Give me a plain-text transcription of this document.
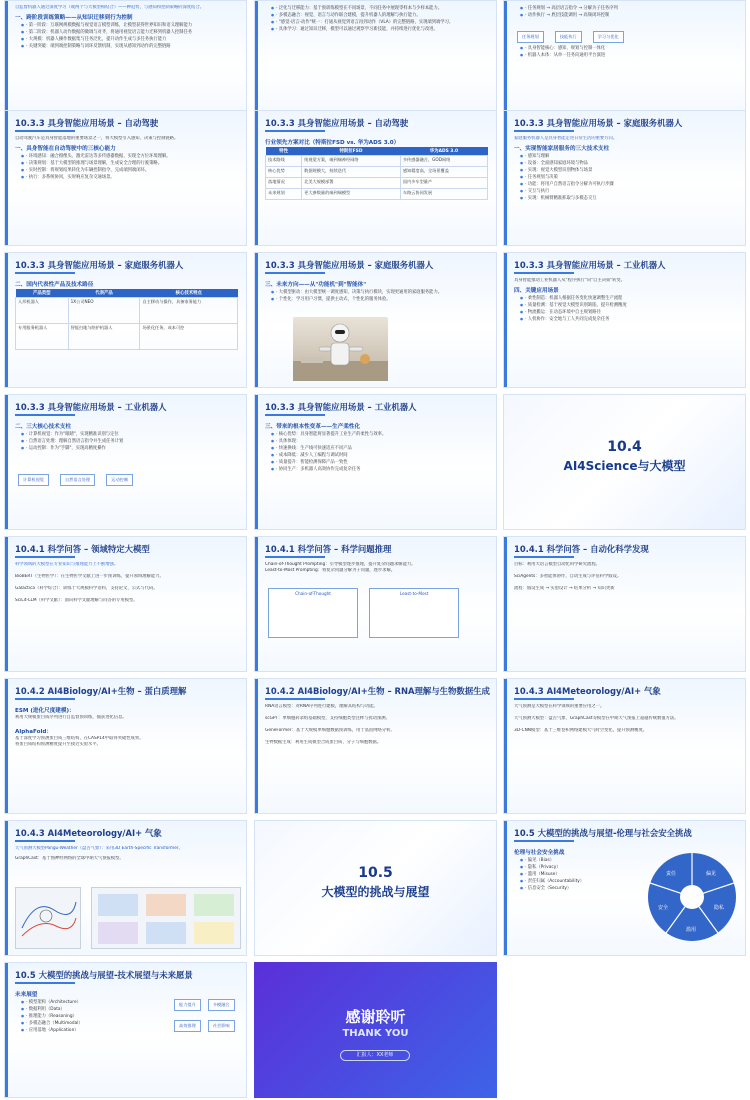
自监督机器人通过深度学习（或两个与大模型相结合）——种趋势，与感知和控制策略的深度结合。
一、跨阶段训练策略——从知识迁移到行为控制
● · 第一阶段：互联网规模数据与视觉语言模型训练，让模型获得世界知识和语义理解能力
● · 第二阶段：机器人动作数据的微调与对齐，将通用视觉语言能力迁移到机器人控制任务
● · 大规模：机器人操作数据集与任务泛化，提升动作生成与多任务执行能力
● · 关键突破：端到端控制策略与闭环反馈机制，实现从感知到动作的完整链路
● · 泛化与迁移能力：基于预训练模型在不同场景、不同任务中展现零样本与少样本能力。
● · 多模态融合：视觉、语言与动作联合建模，提升机器人的理解与执行能力。
● · "感觉-语言-动作"统一：打通从视觉到语言再到动作（VLA）的完整链路，实现端到端学习。
● · 具体学习：通过知识迁移，模型可以通过观察学习新技能，并持续进行优化与改进。
● · 任务规划 → 高层语言指令 → 分解为子任务序列
● · 动作执行 → 底层技能调用 → 高频闭环控制
任务规划	技能执行	学习与优化
● · 具身智能核心：感知、规划与控制一体化
● · 机器人本体：从单一任务向通用平台演进
10.3.3 具身智能应用场景 – 自动驾驶
自动驾驶汽车是具身智能落地的重要场景之一，将大模型引入感知、决策与控制链路。
一、具身智能在自动驾驶中的三核心能力
● · 环境感知：融合摄像头、激光雷达等多传感器数据，实现全方位环境理解。
● · 决策规划：基于大模型的推理与场景理解，生成安全合理的行驶策略。
● · 实时控制：将规划结果转化为车辆控制指令，完成端到端闭环。
● · 执行：多系统协同，实时响应复杂交通场景。
10.3.3 具身智能应用场景 – 自动驾驶
行业领先方案对比（特斯拉FSD vs. 华为ADS 3.0）
特性	特斯拉FSD	华为ADS 3.0
技术路线	纯视觉方案，端到端神经网络	多传感器融合，GOD网络
核心优势	数据规模大，持续迭代	感知精度高，全场景覆盖
落地情况	北美大规模部署	国内多车型量产
未来规划	更大参数量的端到端模型	车路云协同发展
10.3.3 具身智能应用场景 – 家庭服务机器人
家庭服务机器人是具身智能走进日常生活的重要方向。
一、实现智能家居服务的三大技术支柱
● · 感知与理解
● · 设备：全面感知家庭环境与物品
● · 实现：视觉大模型识别物体与场景
● · 任务规划与决策
● · 功能：将用户自然语言指令分解为可执行步骤
● · 交互与执行
● · 实现：机械臂精准抓取与多模态交互
10.3.3 具身智能应用场景 – 家庭服务机器人
二、国内代表性产品及技术路径
产品类型	代表产品	核心技术特点
人形机器人	1X公司NEO	自主移动与操作，具备家务能力
专用服务机器人	智能扫地与陪护机器人	场景化任务，成本可控
10.3.3 具身智能应用场景 – 家庭服务机器人
三、未来方向——从"功能机"到"智能体"
● · 大模型驱动：由大模型统一调度感知、决策与执行模块，实现更通用的家庭服务能力。
● · 个性化：学习用户习惯，提供主动式、个性化的服务体验。
10.3.3 具身智能应用场景 – 工业机器人
具身智能推动工业机器人从"程序执行"向"自主决策"转变。
四、关键应用场景
● · 柔性制造：机器人根据任务变化快速调整生产流程
● · 质量检测：基于视觉大模型识别缺陷，提升检测精度
● · 物流搬运：在动态环境中自主规划路径
● · 人机协作：安全地与工人共同完成复杂任务
10.3.3 具身智能应用场景 – 工业机器人
二、三大核心技术支柱
● · 计算机视觉：作为"眼睛"，实现精准识别与定位
● · 自然语言处理：理解自然语言指令并生成任务计划
● · 运动控制：作为"手脚"，实现高精度操作
计算机视觉	自然语言处理	运动控制
10.3.3 具身智能应用场景 – 工业机器人
三、带来的根本性变革——生产柔性化
● · 核心优势：具身智能将显著提升工业生产的柔性与效率。
● · 具体体现：
● · 快速换线：生产线可快速适应不同产品
● · 成本降低：减少人工编程与调试时间
● · 质量提升：智能检测保障产品一致性
● · 协同生产：多机器人高效协作完成复杂任务
10.4
AI4Science与大模型
10.4.1 科学问答 – 领域特定大模型
科学领域的大模型在专业知识与推理能力上不断增强。
BioBERT（生物医学）：在生物医学文献上进一步预训练，提升领域理解能力。
Galactica（科学综合）：训练于大规模科学语料，支持论文、公式与代码。
SciLit-LLM（科学文献）：面向科学文献理解与问答的专用模型。
10.4.1 科学问答 – 科学问题推理
Chain-of-Thought Prompting：引导模型逐步推理，提升复杂问题求解能力。
Least-to-Most Prompting：将复杂问题分解为子问题，逐步求解。
Chain-of-Thought	Least-to-Most
10.4.1 科学问答 – 自动化科学发现
目标：利用大语言模型自动化科学研究流程。
SciAgents：多智能体协作，自动生成与评估科学假设。
流程：假设生成 → 实验设计 → 结果分析 → 知识更新
10.4.2 AI4Biology/AI+生物 – 蛋白质理解
ESM (进化尺度建模)：
利用大规模蛋白质序列进行自监督预训练，捕获进化信息。
AlphaFold：
基于深度学习预测蛋白质三维结构，在CASP14中取得突破性成果。
将蛋白质结构预测精度提升至接近实验水平。
10.4.2 AI4Biology/AI+生物 – RNA理解与生物数据生成
RNA语言模型：对RNA序列进行建模，理解其结构与功能。
scGPT：单细胞转录组基础模型，支持细胞类型注释与扰动预测。
GeneFormer：基于大规模单细胞数据预训练，用于基因网络分析。
生物数据生成：利用生成模型合成蛋白质、分子与细胞数据。
10.4.3 AI4Meteorology/AI+ 气象
大气预测是大模型在科学领域的重要应用之一。
天气预测大模型：盘古气象、GraphCast等模型在中期天气预报上超越传统数值方法。
3D-CNN模型：基于三维卷积网络建模大气时空变化，提升预测精度。
10.4.3 AI4Meteorology/AI+ 气象
天气预测大模型Pangu-Weather（盘古气象）：采用3D Earth-Specific Transformer。
GraphCast：基于图神经网络的全球中期天气预报模型。
10.5
大模型的挑战与展望
10.5 大模型的挑战与展望-伦理与社会安全挑战
伦理与社会安全挑战
● · 偏见（Bias）
● · 隐私（Privacy）
● · 滥用（Misuse）
● · 责任归属（Accountability）
● · 信息安全（Security）
偏见
隐私
滥用
安全
责任
10.5 大模型的挑战与展望-技术展望与未来愿景
未来展望
● · 模型架构（Architecture）
● · 数据利用（Data）
● · 推理能力（Reasoning）
● · 多模态融合（Multimodal）
● · 应用落地（Application）
能力提升	多模融合 高效推理	社会影响	感谢聆听
THANK YOU
汇报人：XX老师
